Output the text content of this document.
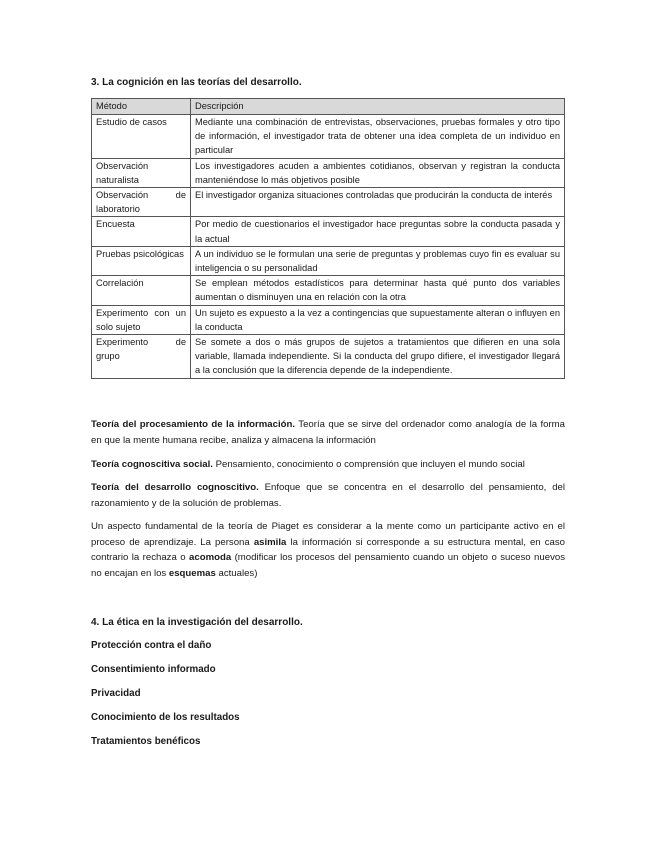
3. La cognición en las teorías del desarrollo.
Método	Descripción
Estudio de casos	Mediante una combinación de entrevistas, observaciones, pruebas formales y otro tipo de información, el investigador trata de obtener una idea completa de un individuo en particular
Observación naturalista	Los investigadores acuden a ambientes cotidianos, observan y registran la conducta manteniéndose lo más objetivos posible
Observación de laboratorio	El investigador organiza situaciones controladas que producirán la conducta de interés
Encuesta	Por medio de cuestionarios el investigador hace preguntas sobre la conducta pasada y la actual
Pruebas psicológicas	A un individuo se le formulan una serie de preguntas y problemas cuyo fin es evaluar su inteligencia o su personalidad
Correlación	Se emplean métodos estadísticos para determinar hasta qué punto dos variables aumentan o disminuyen una en relación con la otra
Experimento con un solo sujeto	Un sujeto es expuesto a la vez a contingencias que supuestamente alteran o influyen en la conducta
Experimento de grupo	Se somete a dos o más grupos de sujetos a tratamientos que difieren en una sola variable, llamada independiente. Si la conducta del grupo difiere, el investigador llegará a la conclusión que la diferencia depende de la independiente.
Teoría del procesamiento de la información. Teoría que se sirve del ordenador como analogía de la forma en que la mente humana recibe, analiza y almacena la información
Teoría cognoscitiva social. Pensamiento, conocimiento o comprensión que incluyen el mundo social
Teoría del desarrollo cognoscitivo. Enfoque que se concentra en el desarrollo del pensamiento, del razonamiento y de la solución de problemas.
Un aspecto fundamental de la teoría de Piaget es considerar a la mente como un participante activo en el proceso de aprendizaje. La persona asimila la información si corresponde a su estructura mental, en caso contrario la rechaza o acomoda (modificar los procesos del pensamiento cuando un objeto o suceso nuevos no encajan en los esquemas actuales)
4. La ética en la investigación del desarrollo.
Protección contra el daño
Consentimiento informado
Privacidad
Conocimiento de los resultados
Tratamientos benéficos
